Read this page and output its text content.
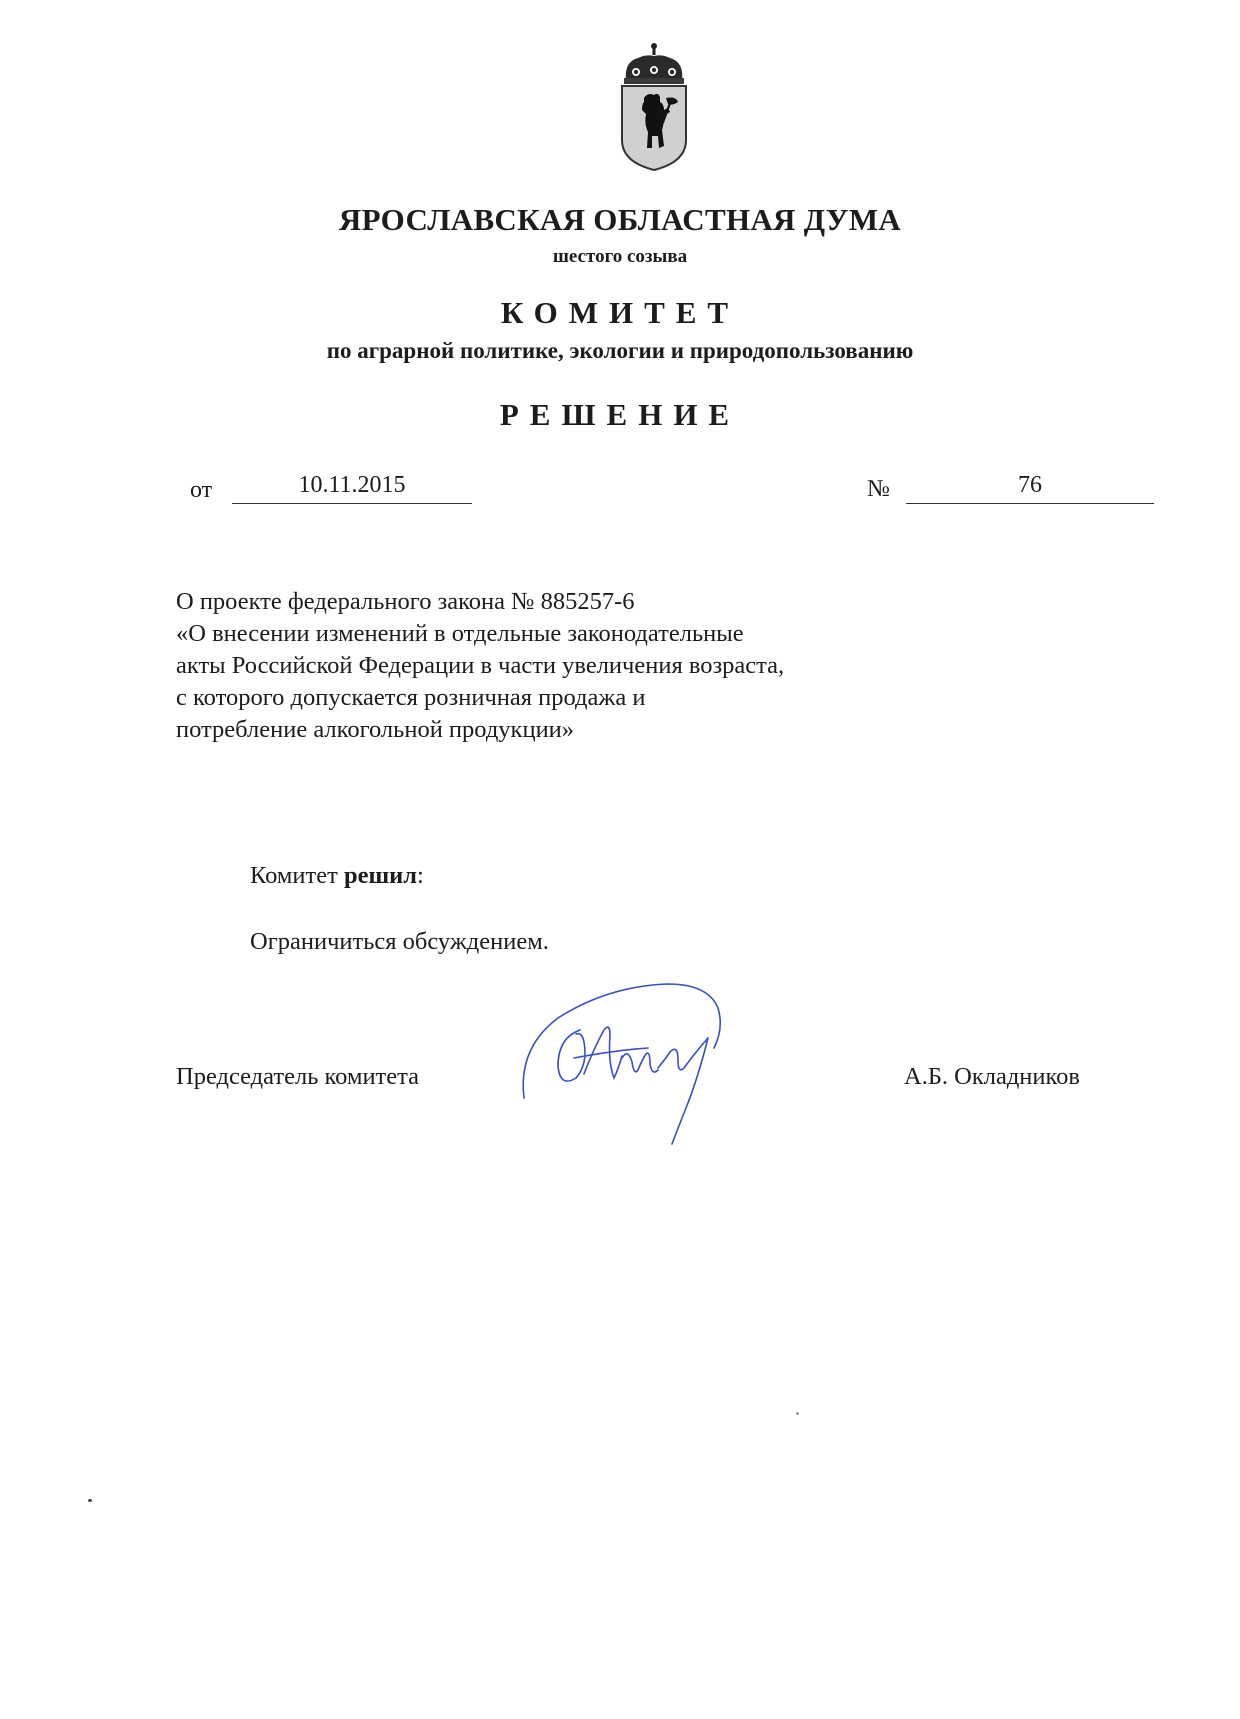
ЯРОСЛАВСКАЯ ОБЛАСТНАЯ ДУМА
шестого созыва
КОМИТЕТ
по аграрной политике, экологии и природопользованию
РЕШЕНИЕ
от	10.11.2015	№	76
О проекте федерального закона № 885257-6
«О внесении изменений в отдельные законодательные
акты Российской Федерации в части увеличения возраста,
с которого допускается розничная продажа и
потребление алкогольной продукции»
Комитет решил:
Ограничиться обсуждением.
Председатель комитета	А.Б. Окладников
